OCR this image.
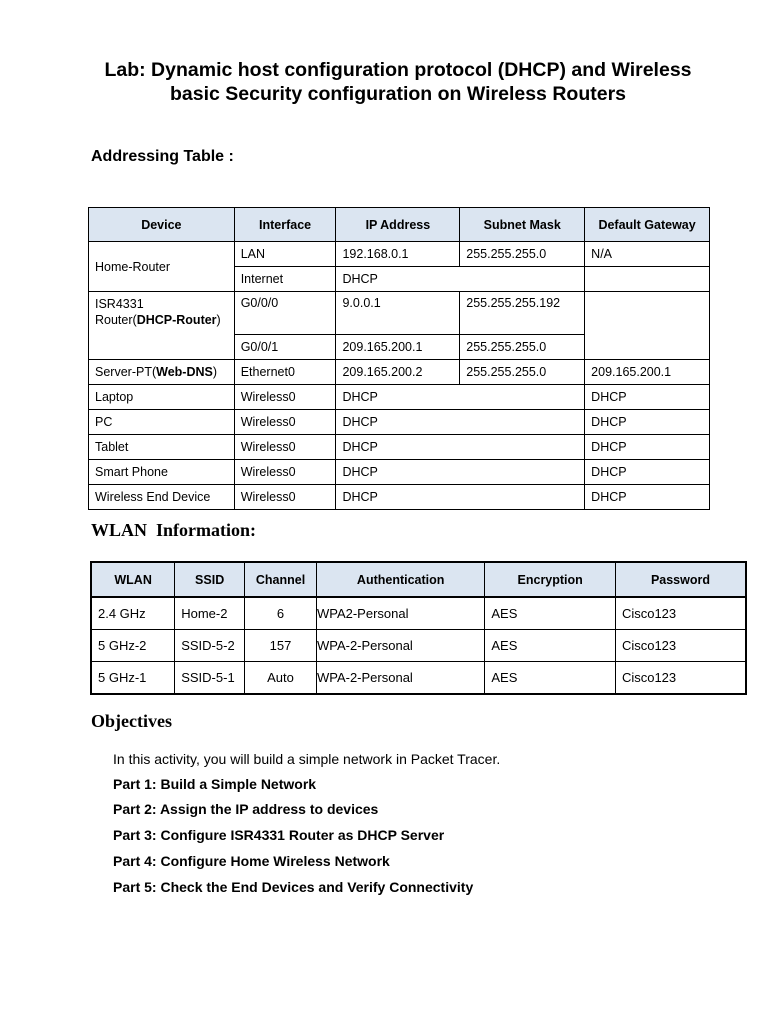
Lab: Dynamic host configuration protocol (DHCP) and Wireless
basic Security configuration on Wireless Routers
Addressing Table :
Device	Interface	IP Address	Subnet Mask	Default Gateway
Home-Router	LAN	192.168.0.1	255.255.255.0	N/A
	Internet	DHCP		
ISR4331
Router(DHCP-Router)	G0/0/0	9.0.0.1	255.255.255.192	
	G0/0/1	209.165.200.1	255.255.255.0	
Server-PT(Web-DNS)	Ethernet0	209.165.200.2	255.255.255.0	209.165.200.1
Laptop	Wireless0	DHCP		DHCP
PC	Wireless0	DHCP		DHCP
Tablet	Wireless0	DHCP		DHCP
Smart Phone	Wireless0	DHCP		DHCP
Wireless End Device	Wireless0	DHCP		DHCP
WLAN  Information:
WLAN	SSID	Channel	Authentication	Encryption	Password
2.4 GHz	Home-2	6	WPA2-Personal	AES	Cisco123
5 GHz-2	SSID-5-2	157	WPA-2-Personal	AES	Cisco123
5 GHz-1	SSID-5-1	Auto	WPA-2-Personal	AES	Cisco123
Objectives
In this activity, you will build a simple network in Packet Tracer.
Part 1: Build a Simple Network
Part 2: Assign the IP address to devices
Part 3: Configure ISR4331 Router as DHCP Server
Part 4: Configure Home Wireless Network
Part 5: Check the End Devices and Verify Connectivity
